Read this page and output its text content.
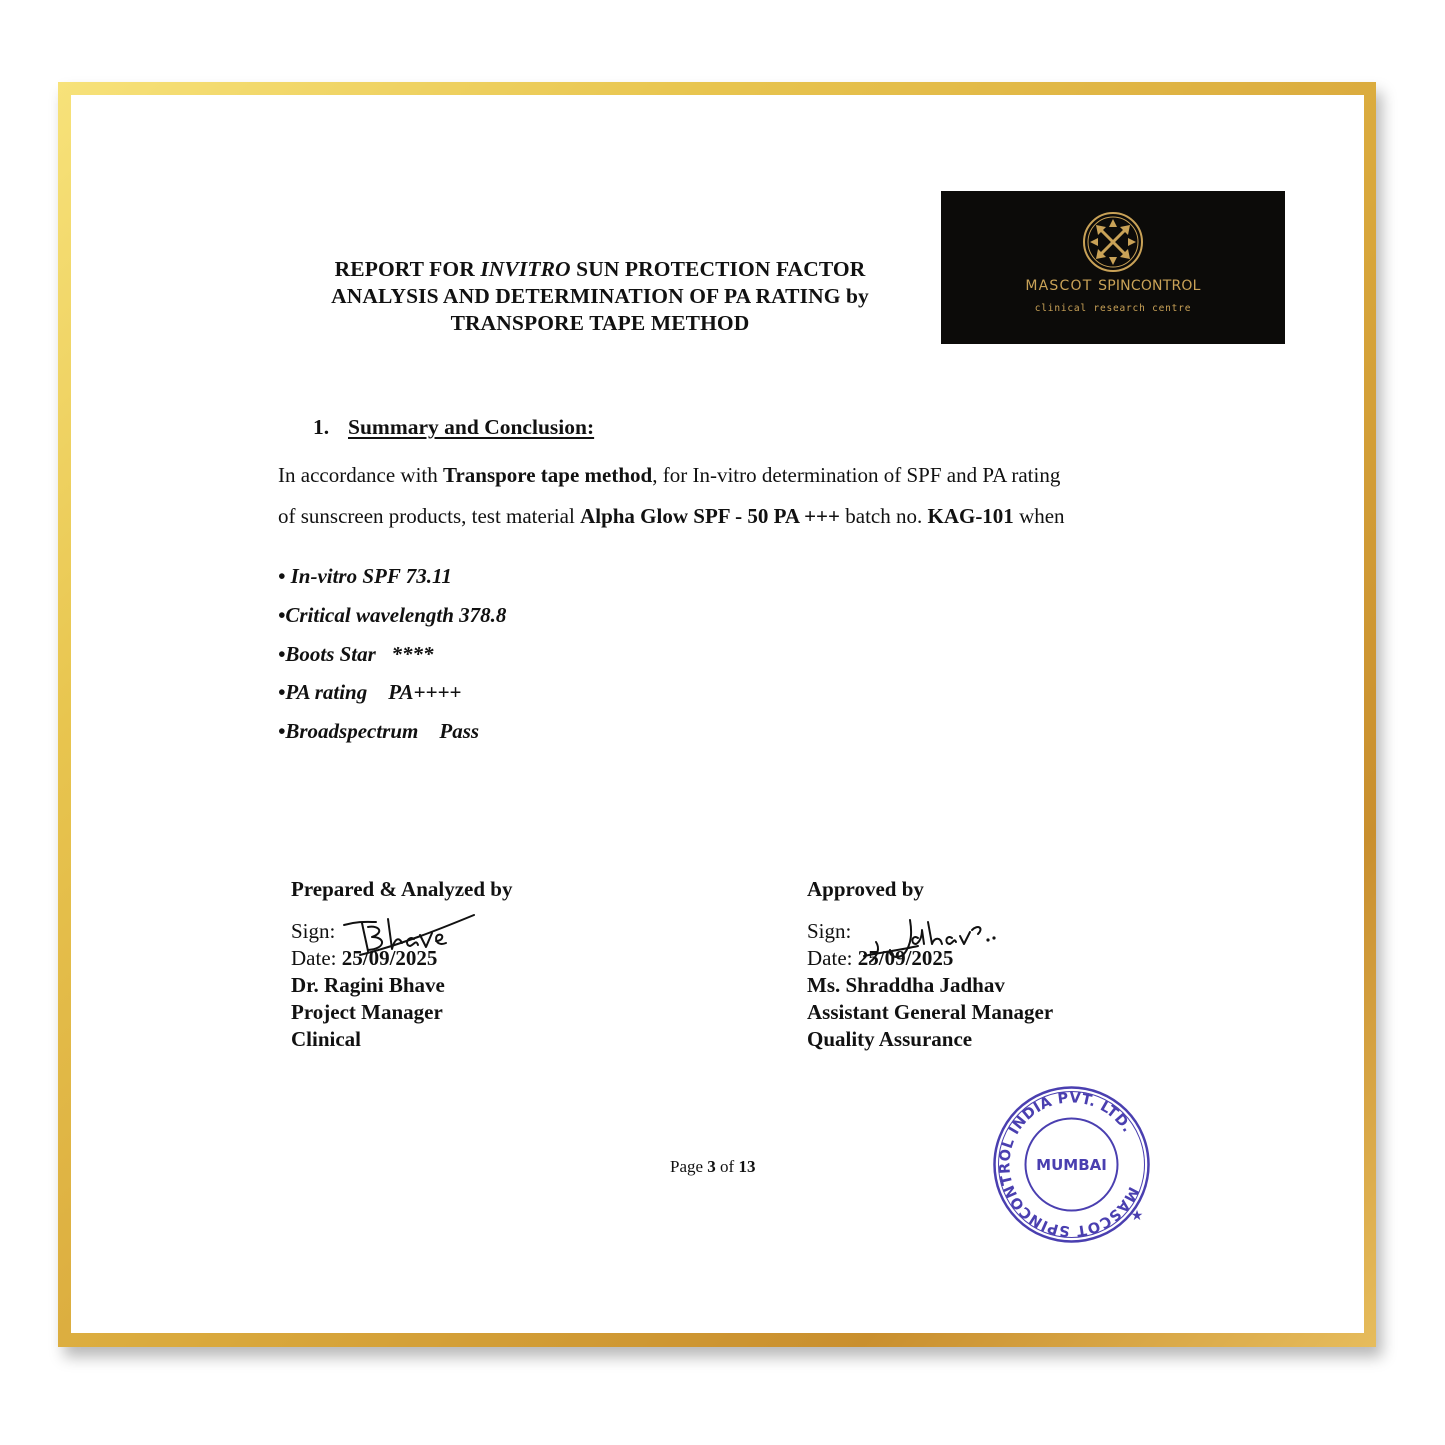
REPORT FOR INVITRO SUN PROTECTION FACTOR
ANALYSIS AND DETERMINATION OF PA RATING by
TRANSPORE TAPE METHOD
MASCOT SPINCONTROL
clinical research centre
1. Summary and Conclusion:
In accordance with Transpore tape method, for In-vitro determination of SPF and PA rating
of sunscreen products, test material Alpha Glow SPF - 50 PA +++ batch no. KAG-101 when
• In-vitro SPF 73.11
•Critical wavelength 378.8
•Boots Star   ****
•PA rating    PA++++
•Broadspectrum    Pass
Prepared & Analyzed by
Sign:
Date: 25/09/2025
Dr. Ragini Bhave
Project Manager
Clinical
Approved by
Sign:
Date: 25/09/2025
Ms. Shraddha Jadhav
Assistant General Manager
Quality Assurance
Page 3 of 13
MASCOT SPINCONTROL INDIA PVT. LTD.
★
MUMBAI
